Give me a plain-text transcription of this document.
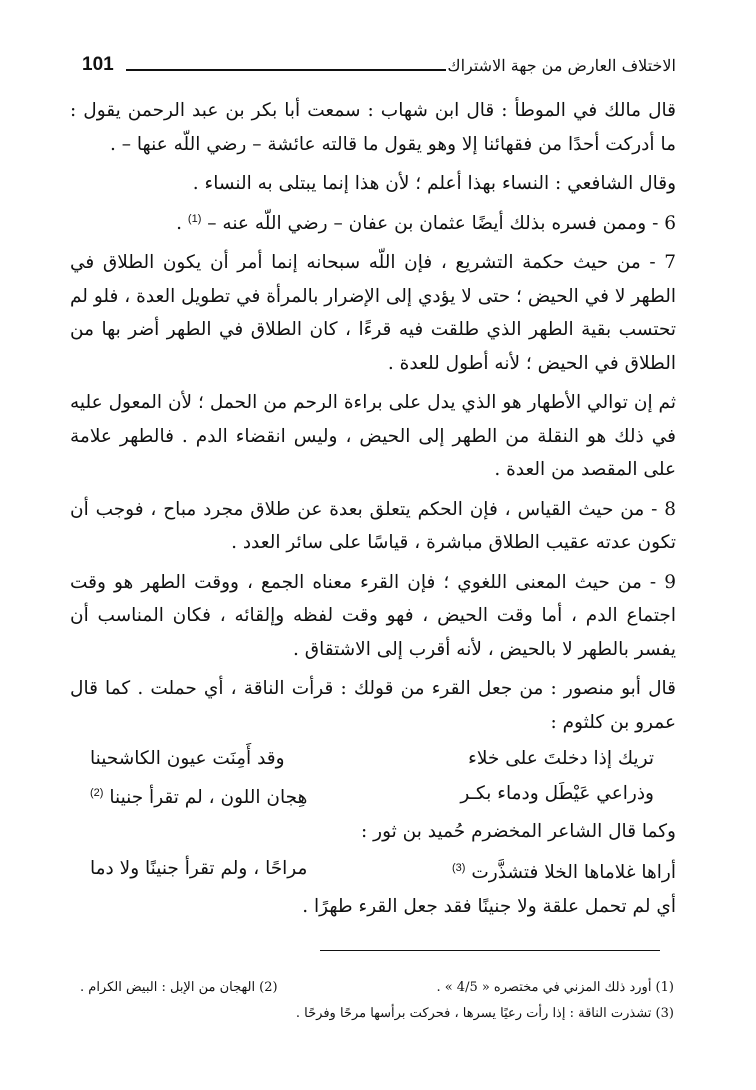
الاختلاف العارض من جهة الاشتراك
101

قال مالك في الموطأ : قال ابن شهاب : سمعت أبا بكر بن عبد الرحمن يقول : ما أدركت أحدًا من فقهائنا إلا وهو يقول ما قالته عائشة – رضي اللّه عنها – .

وقال الشافعي : النساء بهذا أعلم ؛ لأن هذا إنما يبتلى به النساء .

6 - وممن فسره بذلك أيضًا عثمان بن عفان – رضي اللّه عنه – $^{(1)}$ .

7 - من حيث حكمة التشريع ، فإن اللّه سبحانه إنما أمر أن يكون الطلاق في الطهر لا في الحيض ؛ حتى لا يؤدي إلى الإضرار بالمرأة في تطويل العدة ، فلو لم تحتسب بقية الطهر الذي طلقت فيه قرءًا ، كان الطلاق في الطهر أضر بها من الطلاق في الحيض ؛ لأنه أطول للعدة .

ثم إن توالي الأطهار هو الذي يدل على براءة الرحم من الحمل ؛ لأن المعول عليه في ذلك هو النقلة من الطهر إلى الحيض ، وليس انقضاء الدم . فالطهر علامة على المقصد من العدة .

8 - من حيث القياس ، فإن الحكم يتعلق بعدة عن طلاق مجرد مباح ، فوجب أن تكون عدته عقيب الطلاق مباشرة ، قياسًا على سائر العدد .

9 - من حيث المعنى اللغوي ؛ فإن القرء معناه الجمع ، ووقت الطهر هو وقت اجتماع الدم ، أما وقت الحيض ، فهو وقت لفظه وإلقائه ، فكان المناسب أن يفسر بالطهر لا بالحيض ، لأنه أقرب إلى الاشتقاق .

قال أبو منصور : من جعل القرء من قولك : قرأت الناقة ، أي حملت . كما قال عمرو بن كلثوم :

تريك إذا دخلتَ على خلاء
وقد أَمِنَت عيون الكاشحينا
وذراعي عَيْطَل ودماء بكـر
هِجان اللون ، لم تقرأ جنينا $^{(2)}$

وكما قال الشاعر المخضرم حُميد بن ثور :

أراها غلاماها الخلا فتشذَّرت $^{(3)}$
مراحًا ، ولم تقرأ جنينًا ولا دما

أي لم تحمل علقة ولا جنينًا فقد جعل القرء طهرًا .

(1) أورد ذلك المزني في مختصره « 4/5 » .
(2) الهجان من الإبل : البيض الكرام .
(3) تشذرت الناقة : إذا رأت رعيًا يسرها ، فحركت برأسها مرحًا وفرحًا .
